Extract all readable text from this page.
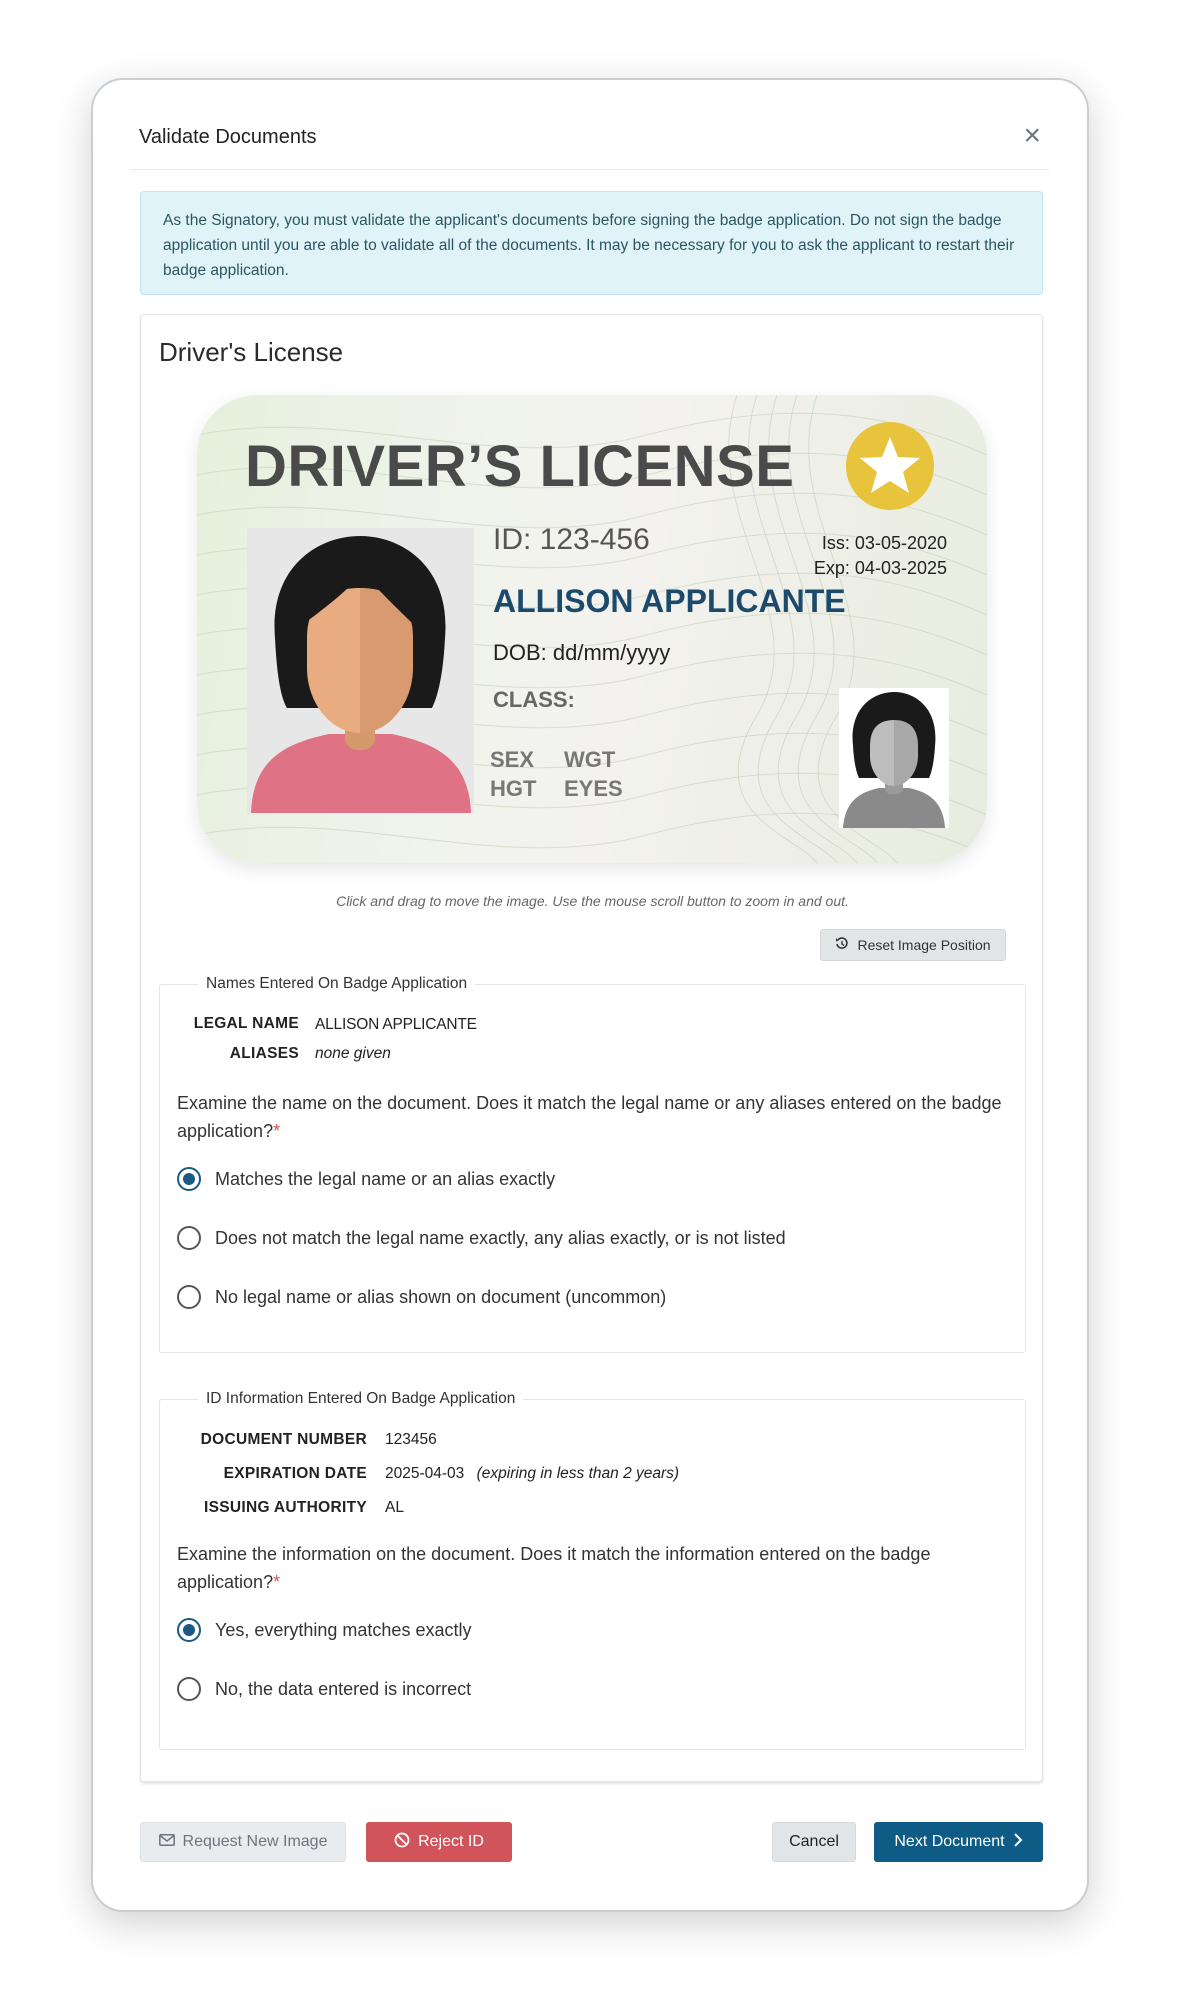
Validate Documents	×
As the Signatory, you must validate the applicant's documents before signing the badge application. Do not sign the badge application until you are able to validate all of the documents. It may be necessary for you to ask the applicant to restart their badge application.
Driver's License
DRIVER’S LICENSE
ID: 123-456	Iss: 03-05-2020
Exp: 04-03-2025
ALLISON APPLICANTE
DOB: dd/mm/yyyy
CLASS:
SEX WGT
HGT EYES
Click and drag to move the image. Use the mouse scroll button to zoom in and out.
Reset Image Position
Names Entered On Badge Application
LEGAL NAME ALLISON APPLICANTE
ALIASES none given
Examine the name on the document. Does it match the legal name or any aliases entered on the badge application?*
Matches the legal name or an alias exactly
Does not match the legal name exactly, any alias exactly, or is not listed
No legal name or alias shown on document (uncommon)
ID Information Entered On Badge Application
DOCUMENT NUMBER 123456
EXPIRATION DATE 2025-04-03 (expiring in less than 2 years)
ISSUING AUTHORITY AL
Examine the information on the document. Does it match the information entered on the badge application?*
Yes, everything matches exactly
No, the data entered is incorrect
Request New Image	Reject ID	Cancel	Next Document
